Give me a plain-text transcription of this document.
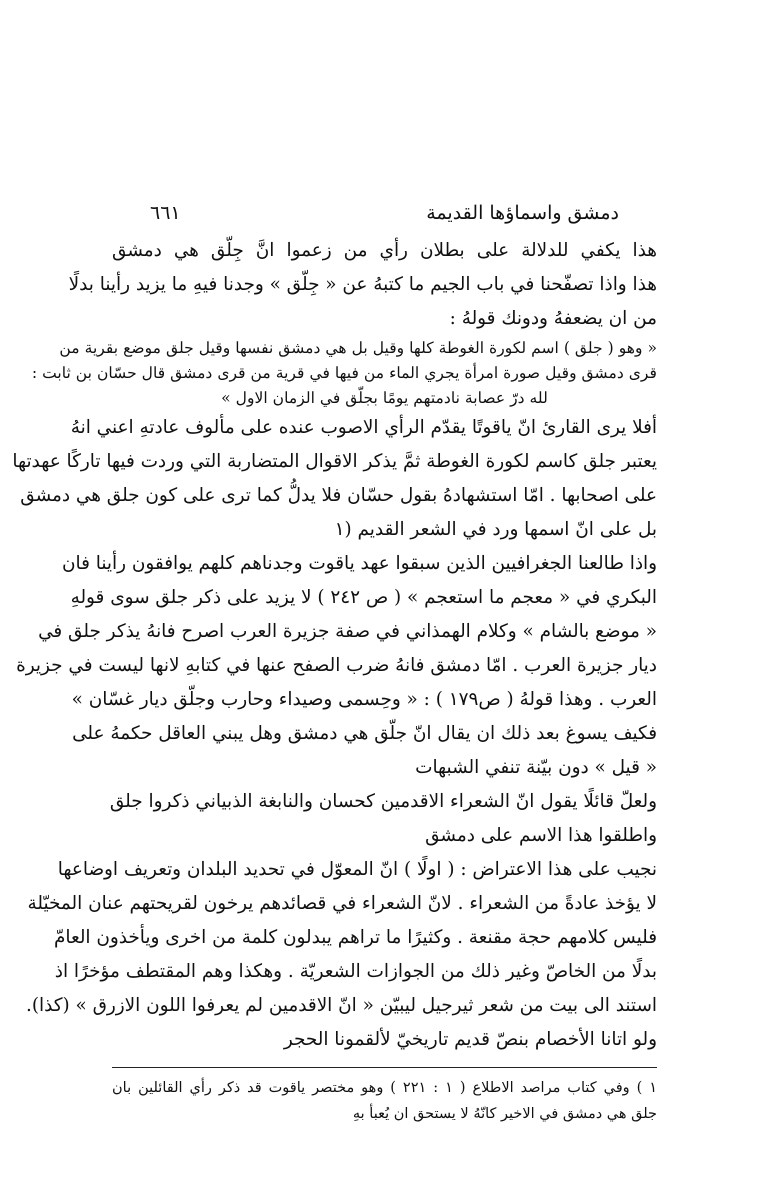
دمشق واسماؤها القديمة
٦٦١
هذا يكفي للدلالة على بطلان رأي من زعموا انَّ جِلّق هي دمشق
هذا واذا تصفّحنا في باب الجيم ما كتبهُ عن « جِلّق » وجدنا فيهِ ما يزيد رأينا بدلًا
من ان يضعفهُ ودونك قولهُ :
« وهو ( جلق ) اسم لكورة الغوطة كلها وقيل بل هي دمشق نفسها وقيل جلق موضع بقرية من
قرى دمشق وقيل صورة امرأة يجري الماء من فيها في قرية من قرى دمشق قال حسّان بن ثابت :
لله درّ عصابة نادمتهم يومًا بجلّق في الزمان الاول »
أفلا يرى القارئ انّ ياقوتًا يقدّم الرأي الاصوب عنده على مألوف عادتهِ اعني انهُ
يعتبر جلق كاسم لكورة الغوطة ثمَّ يذكر الاقوال المتضاربة التي وردت فيها تاركًا عهدتها
على اصحابها . امّا استشهادهُ بقول حسّان فلا يدلُّ كما ترى على كون جلق هي دمشق
بل على انّ اسمها ورد في الشعر القديم (١
واذا طالعنا الجغرافيين الذين سبقوا عهد ياقوت وجدناهم كلهم يوافقون رأينا فان
البكري في « معجم ما استعجم » ( ص ٢٤٢ ) لا يزيد على ذكر جلق سوى قولهِ
« موضع بالشام » وكلام الهمذاني في صفة جزيرة العرب اصرح فانهُ يذكر جلق في
ديار جزيرة العرب . امّا دمشق فانهُ ضرب الصفح عنها في كتابهِ لانها ليست في جزيرة
العرب . وهذا قولهُ ( ص١٧٩ ) : « وحِسمى وصيداء وحارب وجلّق ديار غسّان »
فكيف يسوغ بعد ذلك ان يقال انّ جلّق هي دمشق وهل يبني العاقل حكمهُ على
« قيل » دون بيّنة تنفي الشبهات
ولعلّ قائلًا يقول انّ الشعراء الاقدمين كحسان والنابغة الذبياني ذكروا جلق
واطلقوا هذا الاسم على دمشق
نجيب على هذا الاعتراض : ( اولًا ) انّ المعوّل في تحديد البلدان وتعريف اوضاعها
لا يؤخذ عادةً من الشعراء . لانّ الشعراء في قصائدهم يرخون لقريحتهم عنان المخيّلة
فليس كلامهم حجة مقنعة . وكثيرًا ما تراهم يبدلون كلمة من اخرى ويأخذون العامّ
بدلًا من الخاصّ وغير ذلك من الجوازات الشعريّة . وهكذا وهم المقتطف مؤخرًا اذ
استند الى بيت من شعر ثيرجيل ليبيّن « انّ الاقدمين لم يعرفوا اللون الازرق » (كذا).
ولو اتانا الأخصام بنصّ قديم تاريخيّ لألقمونا الحجر
١ ) وفي كتاب مراصد الاطلاع ( ١ : ٢٢١ ) وهو مختصر ياقوت قد ذكر رأي القائلين بان
جلق هي دمشق في الاخير كانّهُ لا يستحق ان يُعبأ بهِ
